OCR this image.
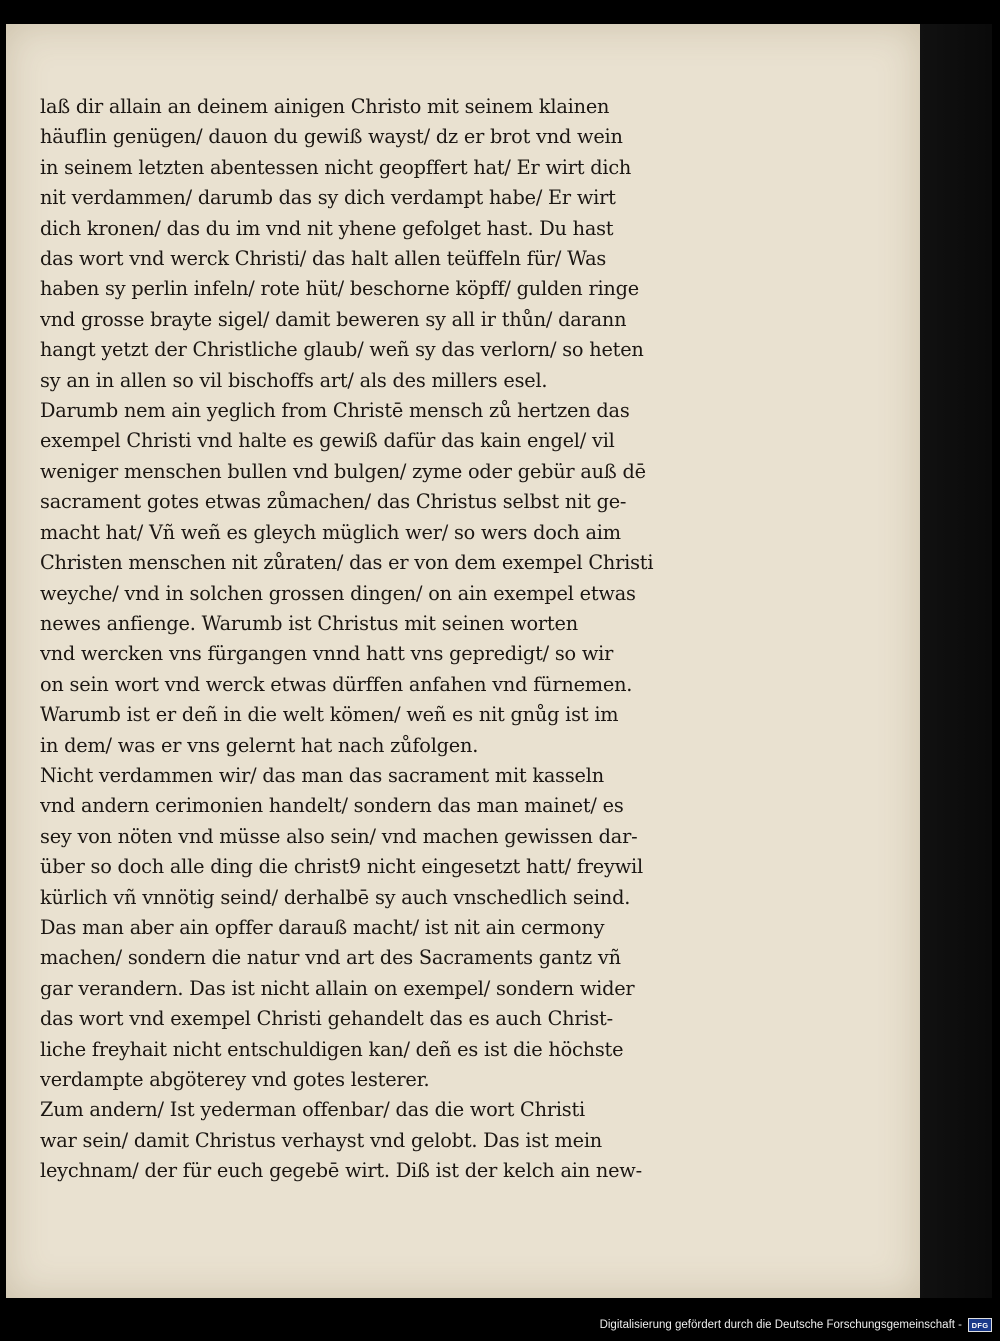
laß dir allain an deinem ainigen Christo mit seinem klainen
häuflin genügen/ dauon du gewiß wayst/ dz er brot vnd wein
in seinem letzten abentessen nicht geopffert hat/ Er wirt dich
nit verdammen/ darumb das sy dich verdampt habe/ Er wirt
dich kronen/ das du im vnd nit yhene gefolget hast. Du hast
das wort vnd werck Christi/ das halt allen teüffeln für/ Was
haben sy perlin infeln/ rote hüt/ beschorne köpff/ gulden ringe
vnd grosse brayte sigel/ damit beweren sy all ir thůn/ darann
hangt yetzt der Christliche glaub/ weñ sy das verlorn/ so heten
sy an in allen so vil bischoffs art/ als des millers esel.
Darumb nem ain yeglich from Christē mensch zů hertzen das
exempel Christi vnd halte es gewiß dafür das kain engel/ vil
weniger menschen bullen vnd bulgen/ zyme oder gebür auß dē
sacrament gotes etwas zůmachen/ das Christus selbst nit ge-
macht hat/ Vñ weñ es gleych müglich wer/ so wers doch aim
Christen menschen nit zůraten/ das er von dem exempel Christi
weyche/ vnd in solchen grossen dingen/ on ain exempel etwas
newes anfienge. Warumb ist Christus mit seinen worten
vnd wercken vns fürgangen vnnd hatt vns gepredigt/ so wir
on sein wort vnd werck etwas dürffen anfahen vnd fürnemen.
Warumb ist er deñ in die welt kömen/ weñ es nit gnůg ist im
in dem/ was er vns gelernt hat nach zůfolgen.
Nicht verdammen wir/ das man das sacrament mit kasseln
vnd andern cerimonien handelt/ sondern das man mainet/ es
sey von nöten vnd müsse also sein/ vnd machen gewissen dar-
über so doch alle ding die christ9 nicht eingesetzt hatt/ freywil
kürlich vñ vnnötig seind/ derhalbē sy auch vnschedlich seind.
Das man aber ain opffer darauß macht/ ist nit ain cermony
machen/ sondern die natur vnd art des Sacraments gantz vñ
gar verandern. Das ist nicht allain on exempel/ sondern wider
das wort vnd exempel Christi gehandelt das es auch Christ-
liche freyhait nicht entschuldigen kan/ deñ es ist die höchste
verdampte abgöterey vnd gotes lesterer.
Zum andern/ Ist yederman offenbar/ das die wort Christi
war sein/ damit Christus verhayst vnd gelobt. Das ist mein
leychnam/ der für euch gegebē wirt. Diß ist der kelch ain new-
Digitalisierung gefördert durch die Deutsche Forschungsgemeinschaft -	DFG
